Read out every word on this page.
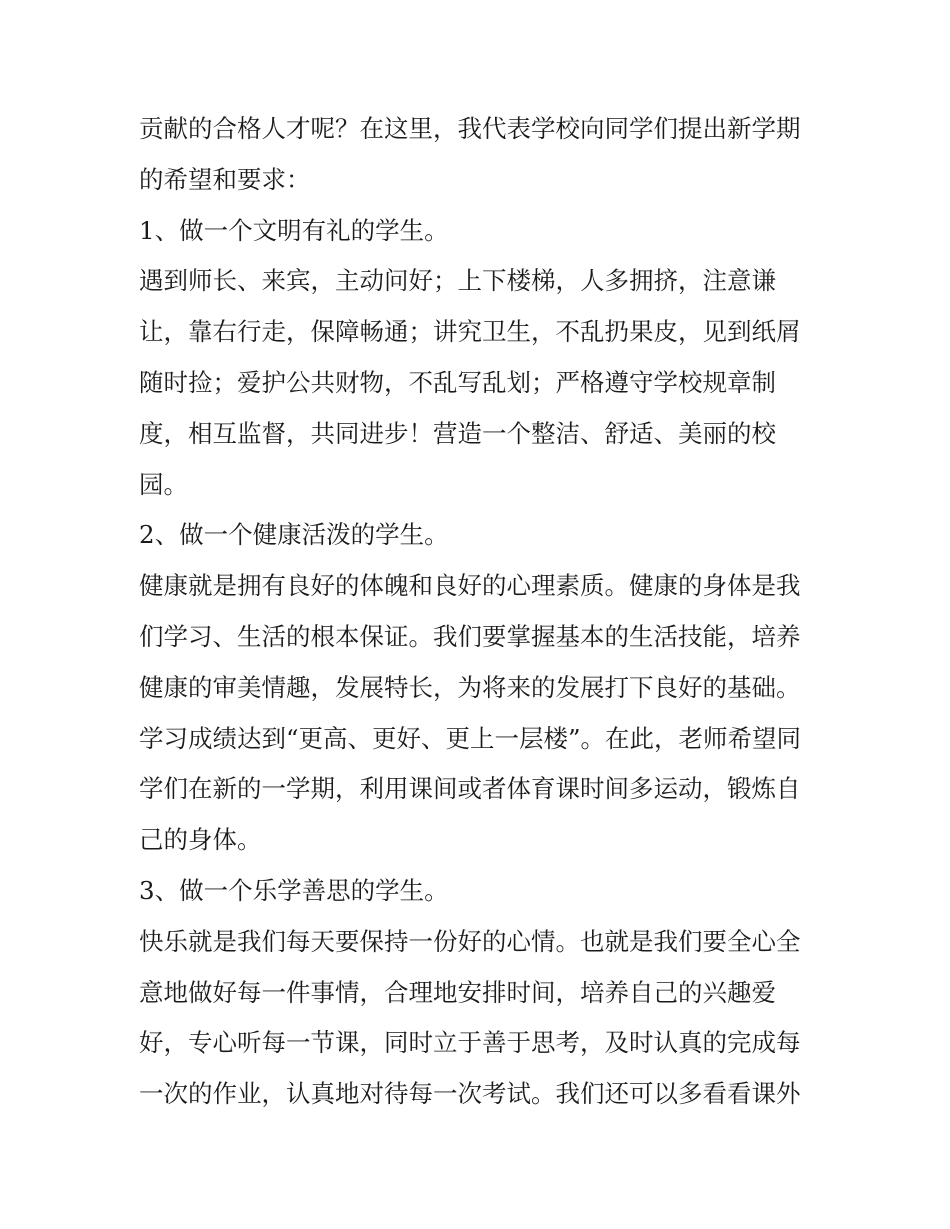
贡献的合格人才呢？在这里，我代表学校向同学们提出新学期
的希望和要求：
1、做一个文明有礼的学生。
遇到师长、来宾，主动问好；上下楼梯，人多拥挤，注意谦
让，靠右行走，保障畅通；讲究卫生，不乱扔果皮，见到纸屑
随时捡；爱护公共财物，不乱写乱划；严格遵守学校规章制
度，相互监督，共同进步！营造一个整洁、舒适、美丽的校
园。
2、做一个健康活泼的学生。
健康就是拥有良好的体魄和良好的心理素质。健康的身体是我
们学习、生活的根本保证。我们要掌握基本的生活技能，培养
健康的审美情趣，发展特长，为将来的发展打下良好的基础。
学习成绩达到“更高、更好、更上一层楼”。在此，老师希望同
学们在新的一学期，利用课间或者体育课时间多运动，锻炼自
己的身体。
3、做一个乐学善思的学生。
快乐就是我们每天要保持一份好的心情。也就是我们要全心全
意地做好每一件事情，合理地安排时间，培养自己的兴趣爱
好，专心听每一节课，同时立于善于思考，及时认真的完成每
一次的作业，认真地对待每一次考试。我们还可以多看看课外
